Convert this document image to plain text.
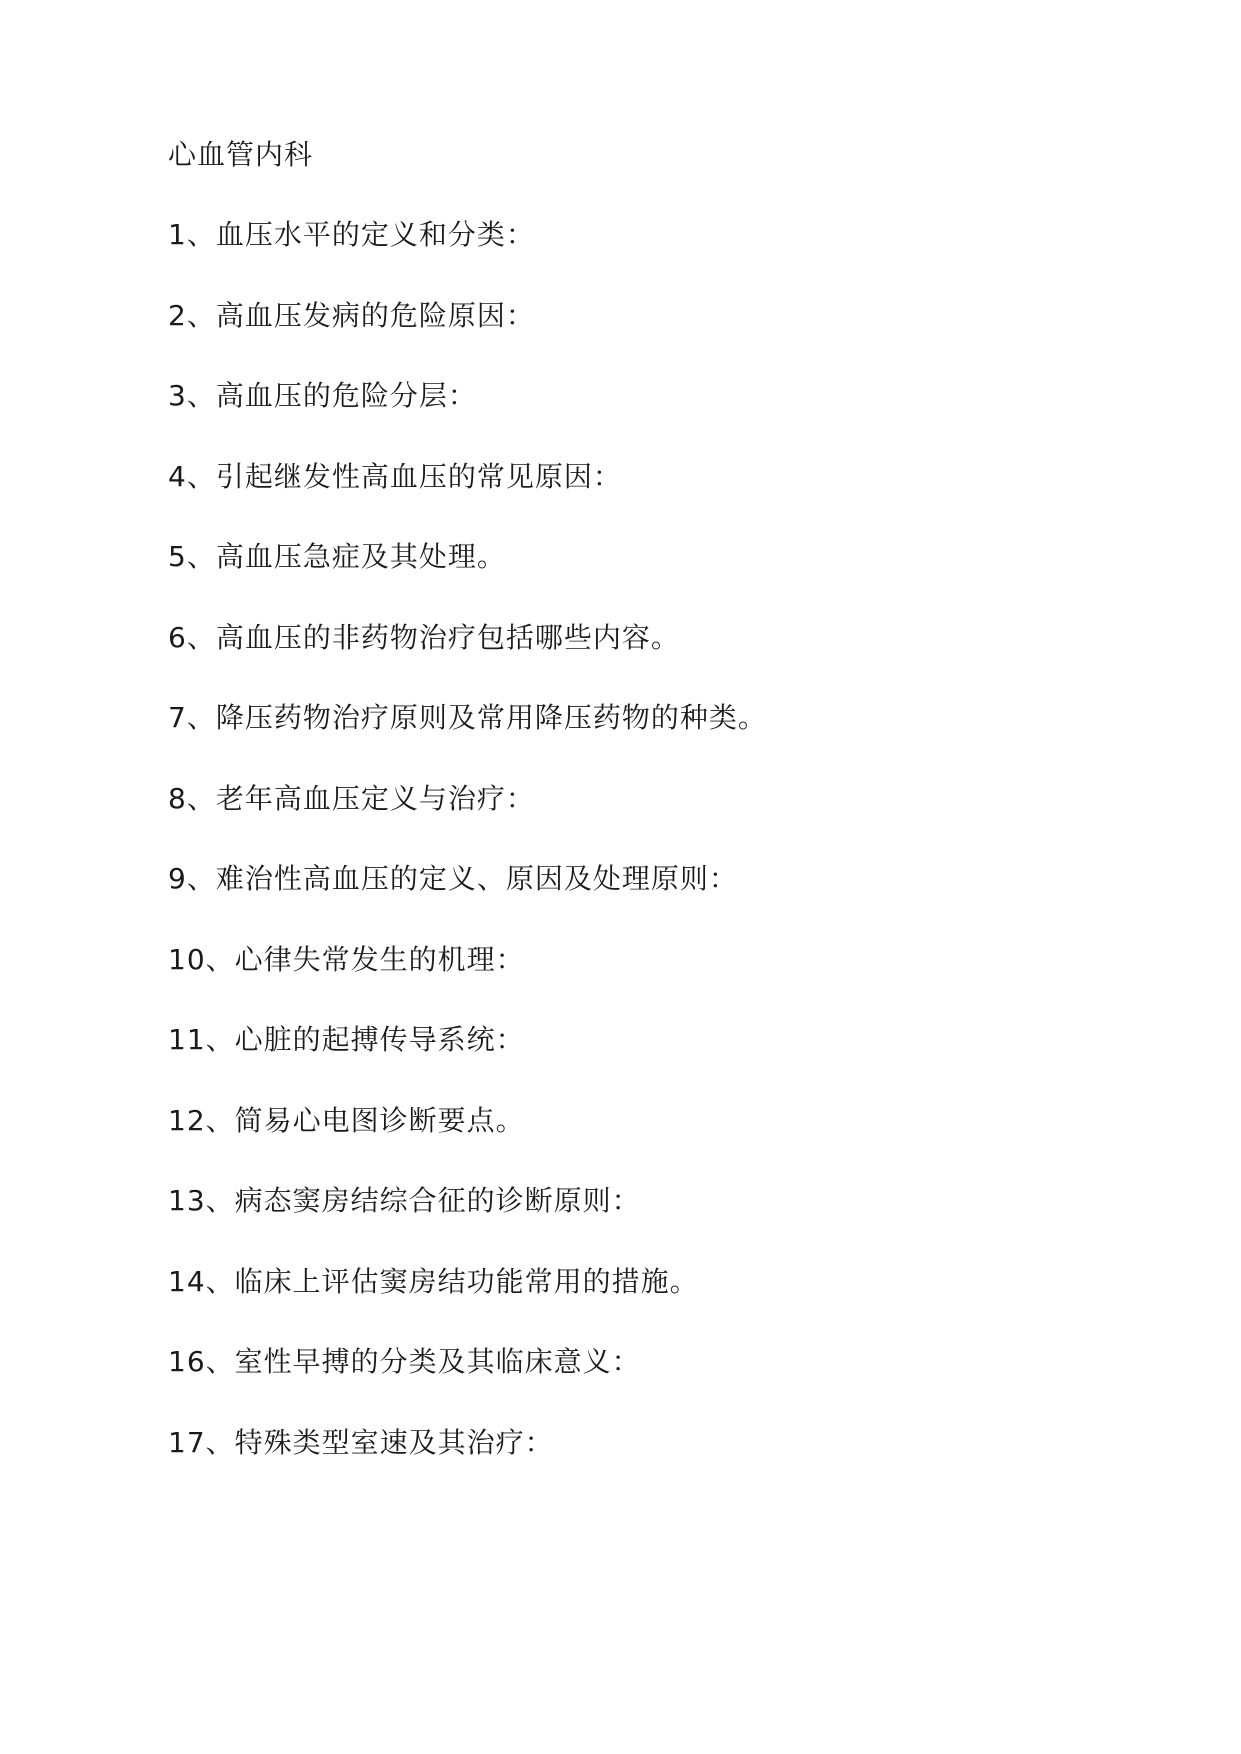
心血管内科
1、血压水平的定义和分类：
2、高血压发病的危险原因：
3、高血压的危险分层：
4、引起继发性高血压的常见原因：
5、高血压急症及其处理。
6、高血压的非药物治疗包括哪些内容。
7、降压药物治疗原则及常用降压药物的种类。
8、老年高血压定义与治疗：
9、难治性高血压的定义、原因及处理原则：
10、心律失常发生的机理：
11、心脏的起搏传导系统：
12、简易心电图诊断要点。
13、病态窦房结综合征的诊断原则：
14、临床上评估窦房结功能常用的措施。
16、室性早搏的分类及其临床意义：
17、特殊类型室速及其治疗：
